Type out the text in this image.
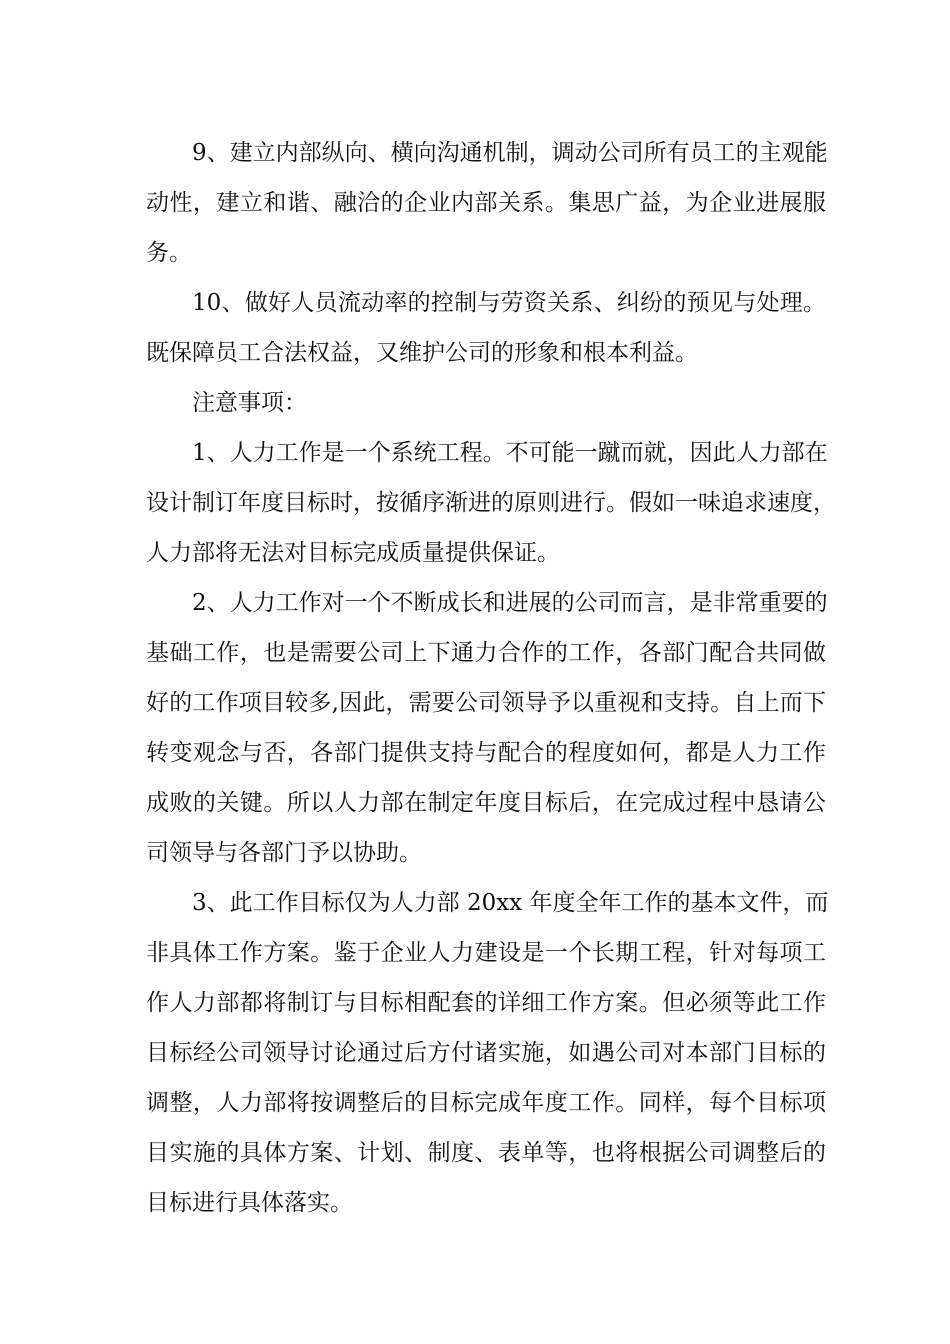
9、建立内部纵向、横向沟通机制，调动公司所有员工的主观能
动性，建立和谐、融洽的企业内部关系。集思广益，为企业进展服
务。

10、做好人员流动率的控制与劳资关系、纠纷的预见与处理。
既保障员工合法权益，又维护公司的形象和根本利益。

注意事项：

1、人力工作是一个系统工程。不可能一蹴而就，因此人力部在
设计制订年度目标时，按循序渐进的原则进行。假如一味追求速度，
人力部将无法对目标完成质量提供保证。

2、人力工作对一个不断成长和进展的公司而言，是非常重要的
基础工作，也是需要公司上下通力合作的工作，各部门配合共同做
好的工作项目较多,因此，需要公司领导予以重视和支持。自上而下
转变观念与否，各部门提供支持与配合的程度如何，都是人力工作
成败的关键。所以人力部在制定年度目标后，在完成过程中恳请公
司领导与各部门予以协助。

3、此工作目标仅为人力部 20xx 年度全年工作的基本文件，而
非具体工作方案。鉴于企业人力建设是一个长期工程，针对每项工
作人力部都将制订与目标相配套的详细工作方案。但必须等此工作
目标经公司领导讨论通过后方付诸实施，如遇公司对本部门目标的
调整，人力部将按调整后的目标完成年度工作。同样，每个目标项
目实施的具体方案、计划、制度、表单等，也将根据公司调整后的
目标进行具体落实。
